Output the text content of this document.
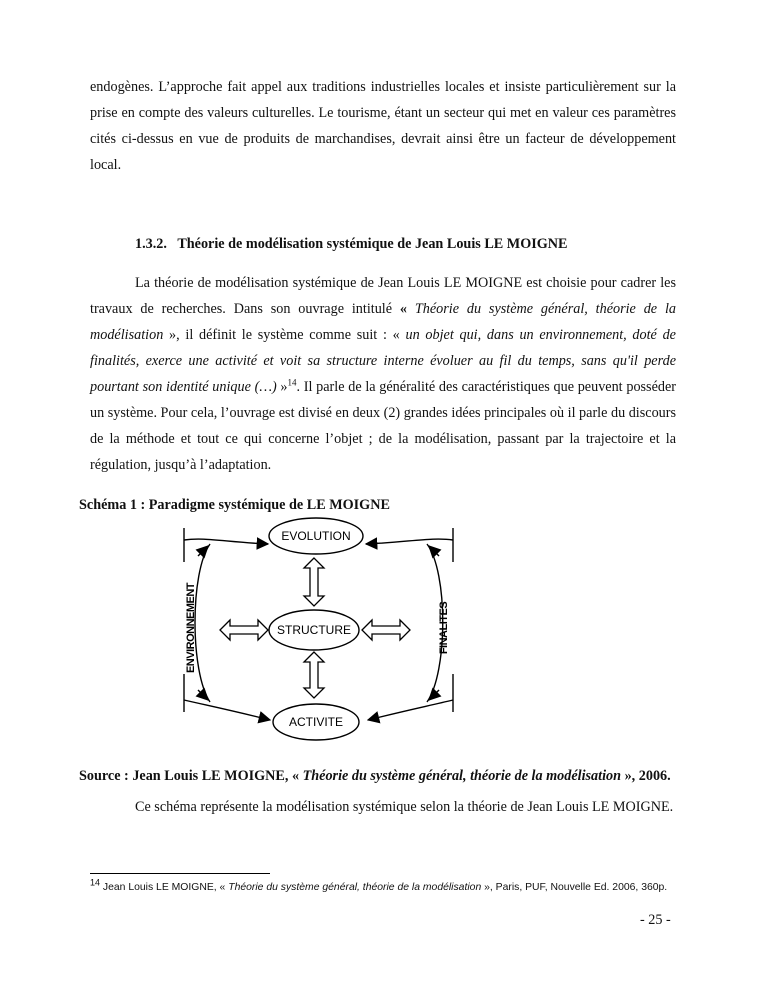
endogènes. L’approche fait appel aux traditions industrielles locales et insiste particulièrement sur la prise en compte des valeurs culturelles. Le tourisme, étant un secteur qui met en valeur ces paramètres cités ci-dessus en vue de produits de marchandises, devrait ainsi être un facteur de développement local.
1.3.2. Théorie de modélisation systémique de Jean Louis LE MOIGNE
La théorie de modélisation systémique de Jean Louis LE MOIGNE est choisie pour cadrer les travaux de recherches. Dans son ouvrage intitulé « Théorie du système général, théorie de la modélisation », il définit le système comme suit : « un objet qui, dans un environnement, doté de finalités, exerce une activité et voit sa structure interne évoluer au fil du temps, sans qu'il perde pourtant son identité unique (…) »$^{14}$. Il parle de la généralité des caractéristiques que peuvent posséder un système. Pour cela, l’ouvrage est divisé en deux (2) grandes idées principales où il parle du discours de la méthode et tout ce qui concerne l’objet ; de la modélisation, passant par la trajectoire et la régulation, jusqu’à l’adaptation.
Schéma 1 : Paradigme systémique de LE MOIGNE
EVOLUTION
STRUCTURE
ACTIVITE
ENVIRONNEMENT	FINALITES
Source : Jean Louis LE MOIGNE, « Théorie du système général, théorie de la modélisation », 2006.
Ce schéma représente la modélisation systémique selon la théorie de Jean Louis LE MOIGNE.
$^{14}$ Jean Louis LE MOIGNE, « Théorie du système général, théorie de la modélisation », Paris, PUF, Nouvelle Ed. 2006, 360p.
- 25 -
